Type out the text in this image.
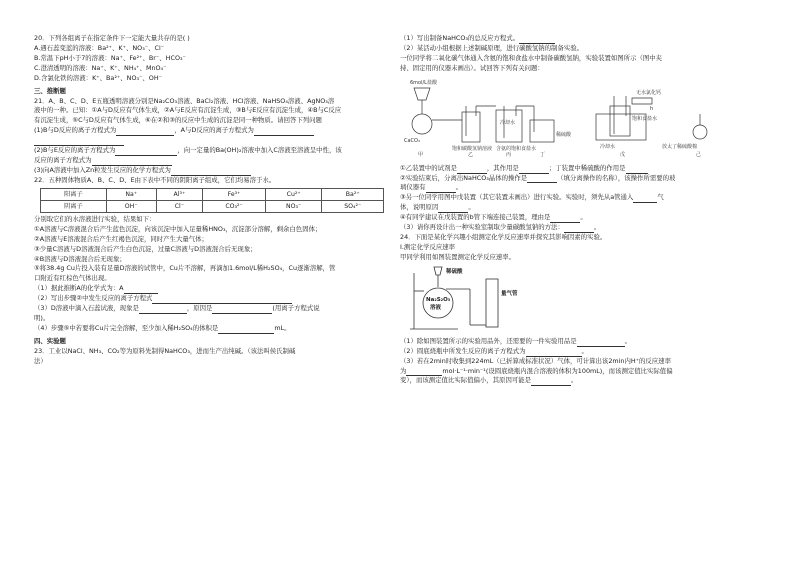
20．下列各组离子在指定条件下一定能大量共存的是( )
A.遇石蕊变蓝的溶液：Ba²⁺、K⁺、NO₃⁻、Cl⁻
B.常温下pH小于7的溶液：Na⁺、Fe²⁺、Br⁻、HCO₃⁻
C.澄清透明的溶液：Na⁺、K⁺、NH₄⁺、MnO₄⁻
D.含氯化铁的溶液：K⁺、Ba²⁺、NO₃⁻、OH⁻
三、推断题
21．A、B、C、D、E五瓶透明溶液分别是Na₂CO₃溶液、BaCl₂溶液、HCl溶液、NaHSO₄溶液、AgNO₃溶
液中的一种。已知：①A与D反应有气体生成，②A与E反应有沉淀生成，③B与E反应有沉淀生成，④B与C反应
有沉淀生成，⑤C与D反应有气体生成，⑥在②和③的反应中生成的沉淀是同一种物质。请回答下列问题
(1)B与D反应的离子方程式为	，A与D反应的离子方程式为
(2)B与E反应的离子方程式为	，向一定量的Ba(OH)₂溶液中加入C溶液至溶液呈中性，该
反应的离子方程式为
(3)向A溶液中加入Zn粒发生反应的化学方程式为
22．五种固体物质A、B、C、D、E由下表中不同的阴阳离子组成，它们均易溶于水。
阳离子	Na⁺	Al³⁺	Fe³⁺	Cu²⁺	Ba²⁺
阴离子	OH⁻	Cl⁻	CO₃²⁻	NO₃⁻	SO₄²⁻
分别取它们的水溶液进行实验，结果如下：
①A溶液与C溶液混合后产生蓝色沉淀，向该沉淀中加入足量稀HNO₃，沉淀部分溶解，剩余白色固体；
②A溶液与E溶液混合后产生红褐色沉淀，同时产生大量气体；
③少量C溶液与D溶液混合后产生白色沉淀，过量C溶液与D溶液混合后无现象；
④B溶液与D溶液混合后无现象；
⑤将38.4g Cu片投入装有足量D溶液的试管中，Cu片不溶解，再滴加1.6mol/L稀H₂SO₄，Cu逐渐溶解，管
口附近有红棕色气体出现。
（1）据此推断A的化学式为：A
（2）写出步骤②中发生反应的离子方程式
（3）D溶液中滴入石蕊试液，现象是	，原因是	(用离子方程式说
明)。
（4）步骤⑤中若要将Cu片完全溶解，至少加入稀H₂SO₄的体积是	mL。
四、实验题
23．工业以NaCl、NH₃、CO₂等为原料先制得NaHCO₃，进而生产出纯碱。（该法叫侯氏制碱
法）
（1）写出制备NaHCO₃的总反应方程式。
（2）某活动小组根据上述制碱原理，进行碳酸氢钠的制备实验。
一位同学将二氧化碳气体通入含氨的饱和食盐水中制备碳酸氢钠，实验装置如图所示（图中夹
持、固定用的仪器未画出）。试回答下列有关问题：
6mol/L盐酸
CaCO₃
饱和碳酸氢钠溶液 含氨的饱和食盐水
冷却水
稀硫酸
无水氯化钙
饱和食盐水
冷却水	放太了稀硫酸棉
h
甲	乙	丙	丁	戊	己
①乙装置中的试剂是	，其作用是	；丁装置中稀硫酸的作用是
②实验结束后，分离出NaHCO₃晶体的操作是	（填分离操作的名称），该操作所需要的玻
璃仪器有	。
③另一位同学用图中戊装置（其它装置未画出）进行实验。实验时，须先从a管通入	气
体，说明原因	。
④有同学建议在戊装置的b管下端连接己装置，理由是	。
（3）请你再设计出一种实验室制取少量碳酸氢钠的方法：	。
24．下面是某化学兴趣小组测定化学反应速率并探究其影响因素的实验。
Ⅰ.测定化学反应速率
甲同学利用如图装置测定化学反应速率。
稀硫酸
Na₂S₂O₃
溶液
量气管
（1）除如图装置所示的实验用品外，还需要的一件实验用品是	。
（2）圆底烧瓶中所发生反应的离子方程式为	。
（3）若在2min时收集到224mL（已折算成标准状况）气体，可计算出该2min内H⁺的反应速率
为	mol·L⁻¹·min⁻¹(设圆底烧瓶内混合溶液的体积为100mL)，而该测定值比实际值偏
变），而该测定值比实际值偏小，其原因可能是	。
